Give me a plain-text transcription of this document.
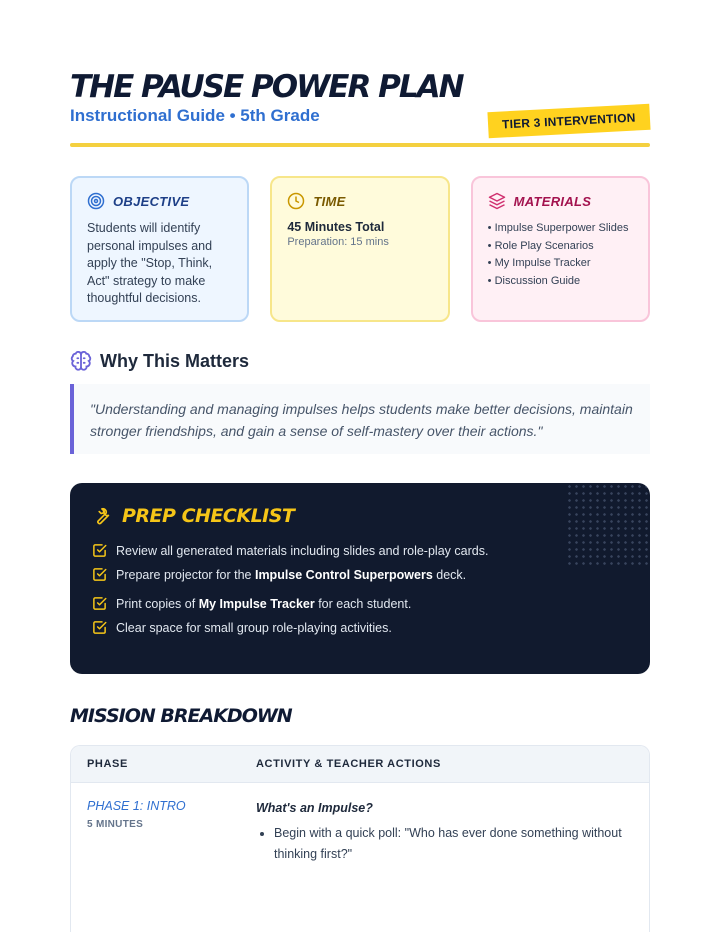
THE PAUSE POWER PLAN
Instructional Guide • 5th Grade	TIER 3 INTERVENTION
OBJECTIVE
Students will identify personal impulses and apply the "Stop, Think, Act" strategy to make thoughtful decisions.
TIME
45 Minutes Total
Preparation: 15 mins
MATERIALS
• Impulse Superpower Slides
• Role Play Scenarios
• My Impulse Tracker
• Discussion Guide
Why This Matters
"Understanding and managing impulses helps students make better decisions, maintain stronger friendships, and gain a sense of self-mastery over their actions."
PREP CHECKLIST
Review all generated materials including slides and role-play cards.
Prepare projector for the Impulse Control Superpowers deck.
Print copies of My Impulse Tracker for each student.
Clear space for small group role-playing activities.
MISSION BREAKDOWN
PHASE	ACTIVITY & TEACHER ACTIONS
PHASE 1: INTRO
5 MINUTES
What's an Impulse?
• Begin with a quick poll: "Who has ever done something without thinking first?"
